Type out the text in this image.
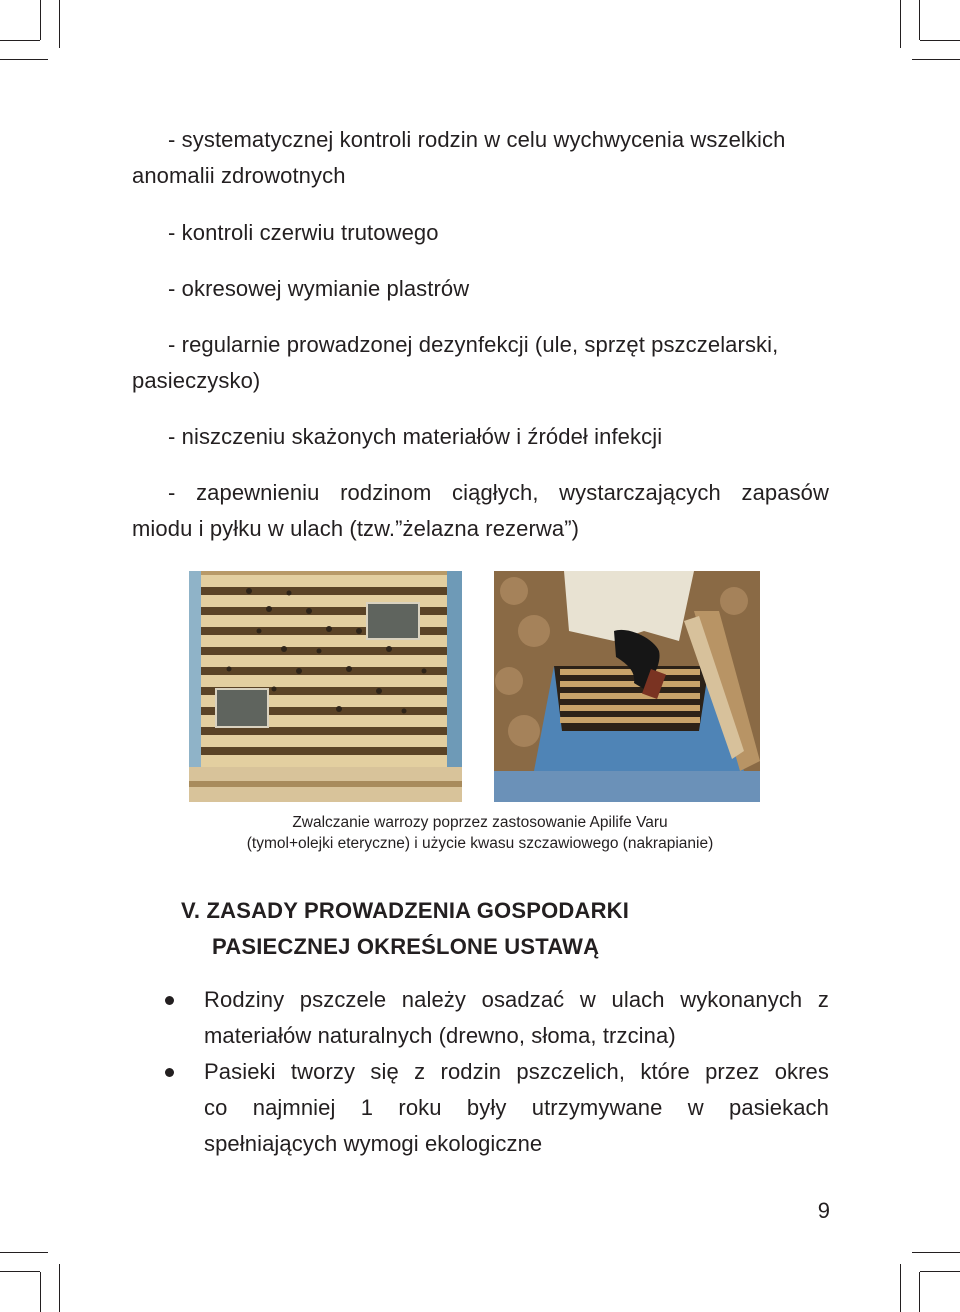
- systematycznej kontroli rodzin w celu wychwycenia wszelkich
anomalii zdrowotnych
- kontroli czerwiu trutowego
- okresowej wymianie plastrów
- regularnie prowadzonej dezynfekcji (ule, sprzęt pszczelarski,
pasieczysko)
- niszczeniu skażonych materiałów i źródeł infekcji
- zapewnieniu rodzinom ciągłych, wystarczających zapasów
miodu i pyłku w ulach (tzw.”żelazna rezerwa”)
Zwalczanie warrozy poprzez zastosowanie Apilife Varu
(tymol+olejki eteryczne) i użycie kwasu szczawiowego (nakrapianie)
V. ZASADY PROWADZENIA GOSPODARKI
PASIECZNEJ OKREŚLONE USTAWĄ
Rodziny pszczele należy osadzać w ulach wykonanych z
materiałów naturalnych (drewno, słoma, trzcina)
Pasieki tworzy się z rodzin pszczelich, które przez okres
co najmniej 1 roku były utrzymywane w pasiekach
spełniających wymogi ekologiczne
9
